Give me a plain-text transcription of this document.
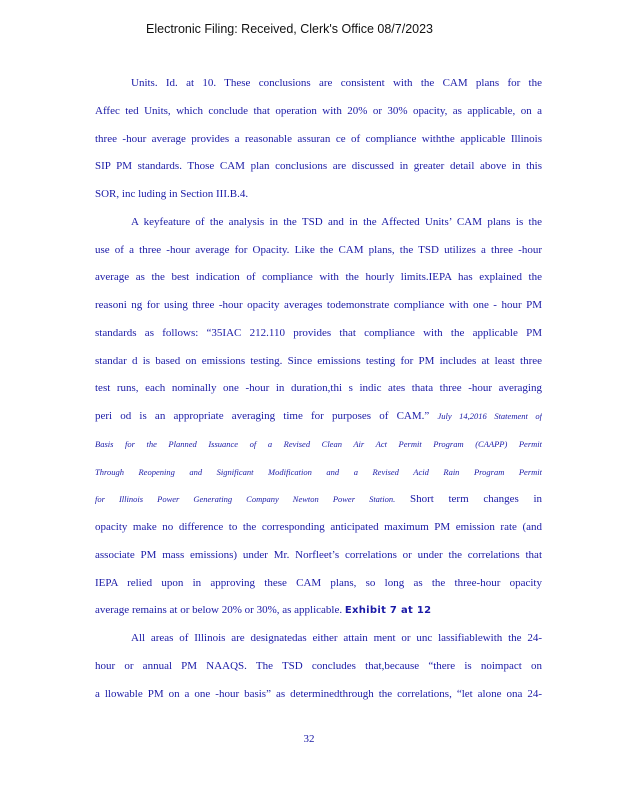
Electronic Filing: Received, Clerk's Office 08/7/2023
Units. Id. at 10. These conclusions are consistent with the CAM plans for the
Affec ted Units, which conclude that operation with 20% or 30% opacity, as applicable, on a
three -hour average provides a reasonable assuran ce of compliance withthe applicable Illinois
SIP PM standards. Those CAM plan conclusions are discussed in greater detail above in this
SOR, inc luding in Section III.B.4.
A keyfeature of the analysis in the TSD and in the Affected Units’ CAM plans is the
use of a three -hour average for Opacity. Like the CAM plans, the TSD utilizes a three -hour
average as the best indication of compliance with the hourly limits.IEPA has explained the
reasoni ng for using three -hour opacity averages todemonstrate compliance with one - hour PM
standards as follows: “35IAC 212.110 provides that compliance with the applicable PM
standar d is based on emissions testing. Since emissions testing for PM includes at least three
test runs, each nominally one -hour in duration,thi s indic ates thata three -hour averaging
peri od is an appropriate averaging time for purposes of CAM.” July 14,2016 Statement of
Basis for the Planned Issuance of a Revised Clean Air Act Permit Program (CAAPP) Permit
Through Reopening and Significant Modification and a Revised Acid Rain Program Permit
for Illinois Power Generating Company Newton Power Station. Short term changes in
opacity make no difference to the corresponding anticipated maximum PM emission rate (and
associate PM mass emissions) under Mr. Norfleet’s correlations or under the correlations that
IEPA relied upon in approving these CAM plans, so long as the three-hour opacity
average remains at or below 20% or 30%, as applicable. Exhibit 7 at 12
All areas of Illinois are designatedas either attain ment or unc lassifiablewith the 24-
hour or annual PM NAAQS. The TSD concludes that,because “there is noimpact on
a llowable PM on a one -hour basis” as determinedthrough the correlations, “let alone ona 24-
32
